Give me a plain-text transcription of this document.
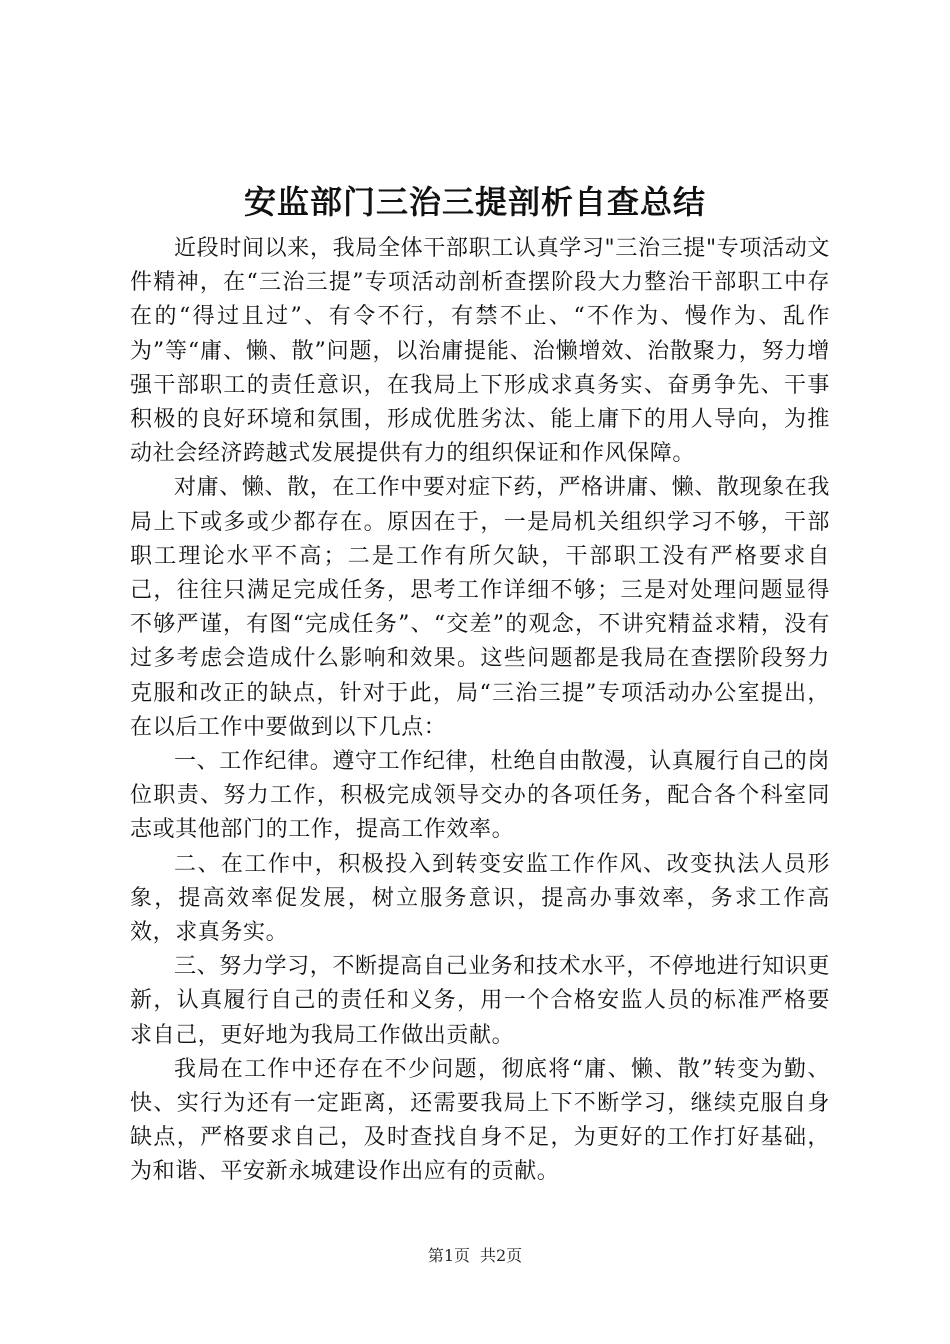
安监部门三治三提剖析自查总结

近段时间以来，我局全体干部职工认真学习"三治三提"专项活动文件精神，在“三治三提”专项活动剖析查摆阶段大力整治干部职工中存在的“得过且过”、有令不行，有禁不止、“不作为、慢作为、乱作为”等“庸、懒、散”问题，以治庸提能、治懒增效、治散聚力，努力增强干部职工的责任意识，在我局上下形成求真务实、奋勇争先、干事积极的良好环境和氛围，形成优胜劣汰、能上庸下的用人导向，为推动社会经济跨越式发展提供有力的组织保证和作风保障。

对庸、懒、散，在工作中要对症下药，严格讲庸、懒、散现象在我局上下或多或少都存在。原因在于，一是局机关组织学习不够，干部职工理论水平不高；二是工作有所欠缺，干部职工没有严格要求自己，往往只满足完成任务，思考工作详细不够；三是对处理问题显得不够严谨，有图“完成任务”、“交差”的观念，不讲究精益求精，没有过多考虑会造成什么影响和效果。这些问题都是我局在查摆阶段努力克服和改正的缺点，针对于此，局“三治三提”专项活动办公室提出，在以后工作中要做到以下几点：

一、工作纪律。遵守工作纪律，杜绝自由散漫，认真履行自己的岗位职责、努力工作，积极完成领导交办的各项任务，配合各个科室同志或其他部门的工作，提高工作效率。

二、在工作中，积极投入到转变安监工作作风、改变执法人员形象，提高效率促发展，树立服务意识，提高办事效率，务求工作高效，求真务实。

三、努力学习，不断提高自己业务和技术水平，不停地进行知识更新，认真履行自己的责任和义务，用一个合格安监人员的标准严格要求自己，更好地为我局工作做出贡献。

我局在工作中还存在不少问题，彻底将“庸、懒、散”转变为勤、快、实行为还有一定距离，还需要我局上下不断学习，继续克服自身缺点，严格要求自己，及时查找自身不足，为更好的工作打好基础，为和谐、平安新永城建设作出应有的贡献。

第1页 共2页
